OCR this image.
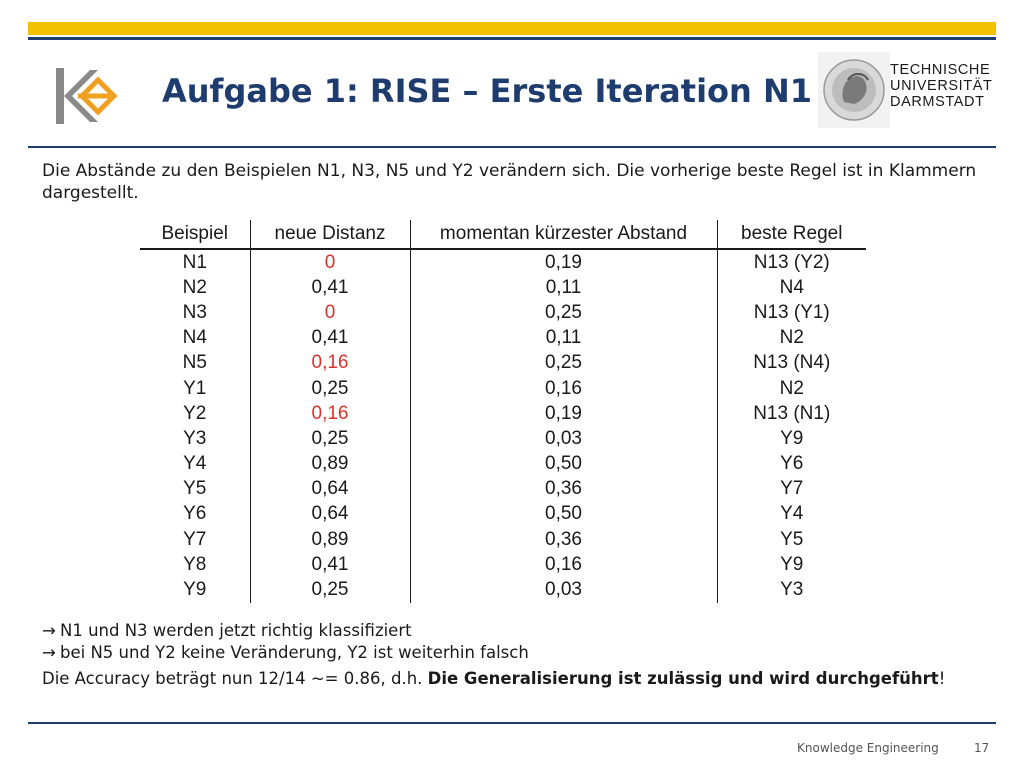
Aufgabe 1: RISE – Erste Iteration N1
TECHNISCHE
UNIVERSITÄT
DARMSTADT

Die Abstände zu den Beispielen N1, N3, N5 und Y2 verändern sich. Die vorherige beste Regel ist in Klammern dargestellt.

Beispiel	neue Distanz	momentan kürzester Abstand	beste Regel
N1	0	0,19	N13 (Y2)
N2	0,41	0,11	N4
N3	0	0,25	N13 (Y1)
N4	0,41	0,11	N2
N5	0,16	0,25	N13 (N4)
Y1	0,25	0,16	N2
Y2	0,16	0,19	N13 (N1)
Y3	0,25	0,03	Y9
Y4	0,89	0,50	Y6
Y5	0,64	0,36	Y7
Y6	0,64	0,50	Y4
Y7	0,89	0,36	Y5
Y8	0,41	0,16	Y9
Y9	0,25	0,03	Y3
→ N1 und N3 werden jetzt richtig klassifiziert
→ bei N5 und Y2 keine Veränderung, Y2 ist weiterhin falsch
Die Accuracy beträgt nun 12/14 ~= 0.86, d.h. Die Generalisierung ist zulässig und wird durchgeführt!
Knowledge Engineering	17
